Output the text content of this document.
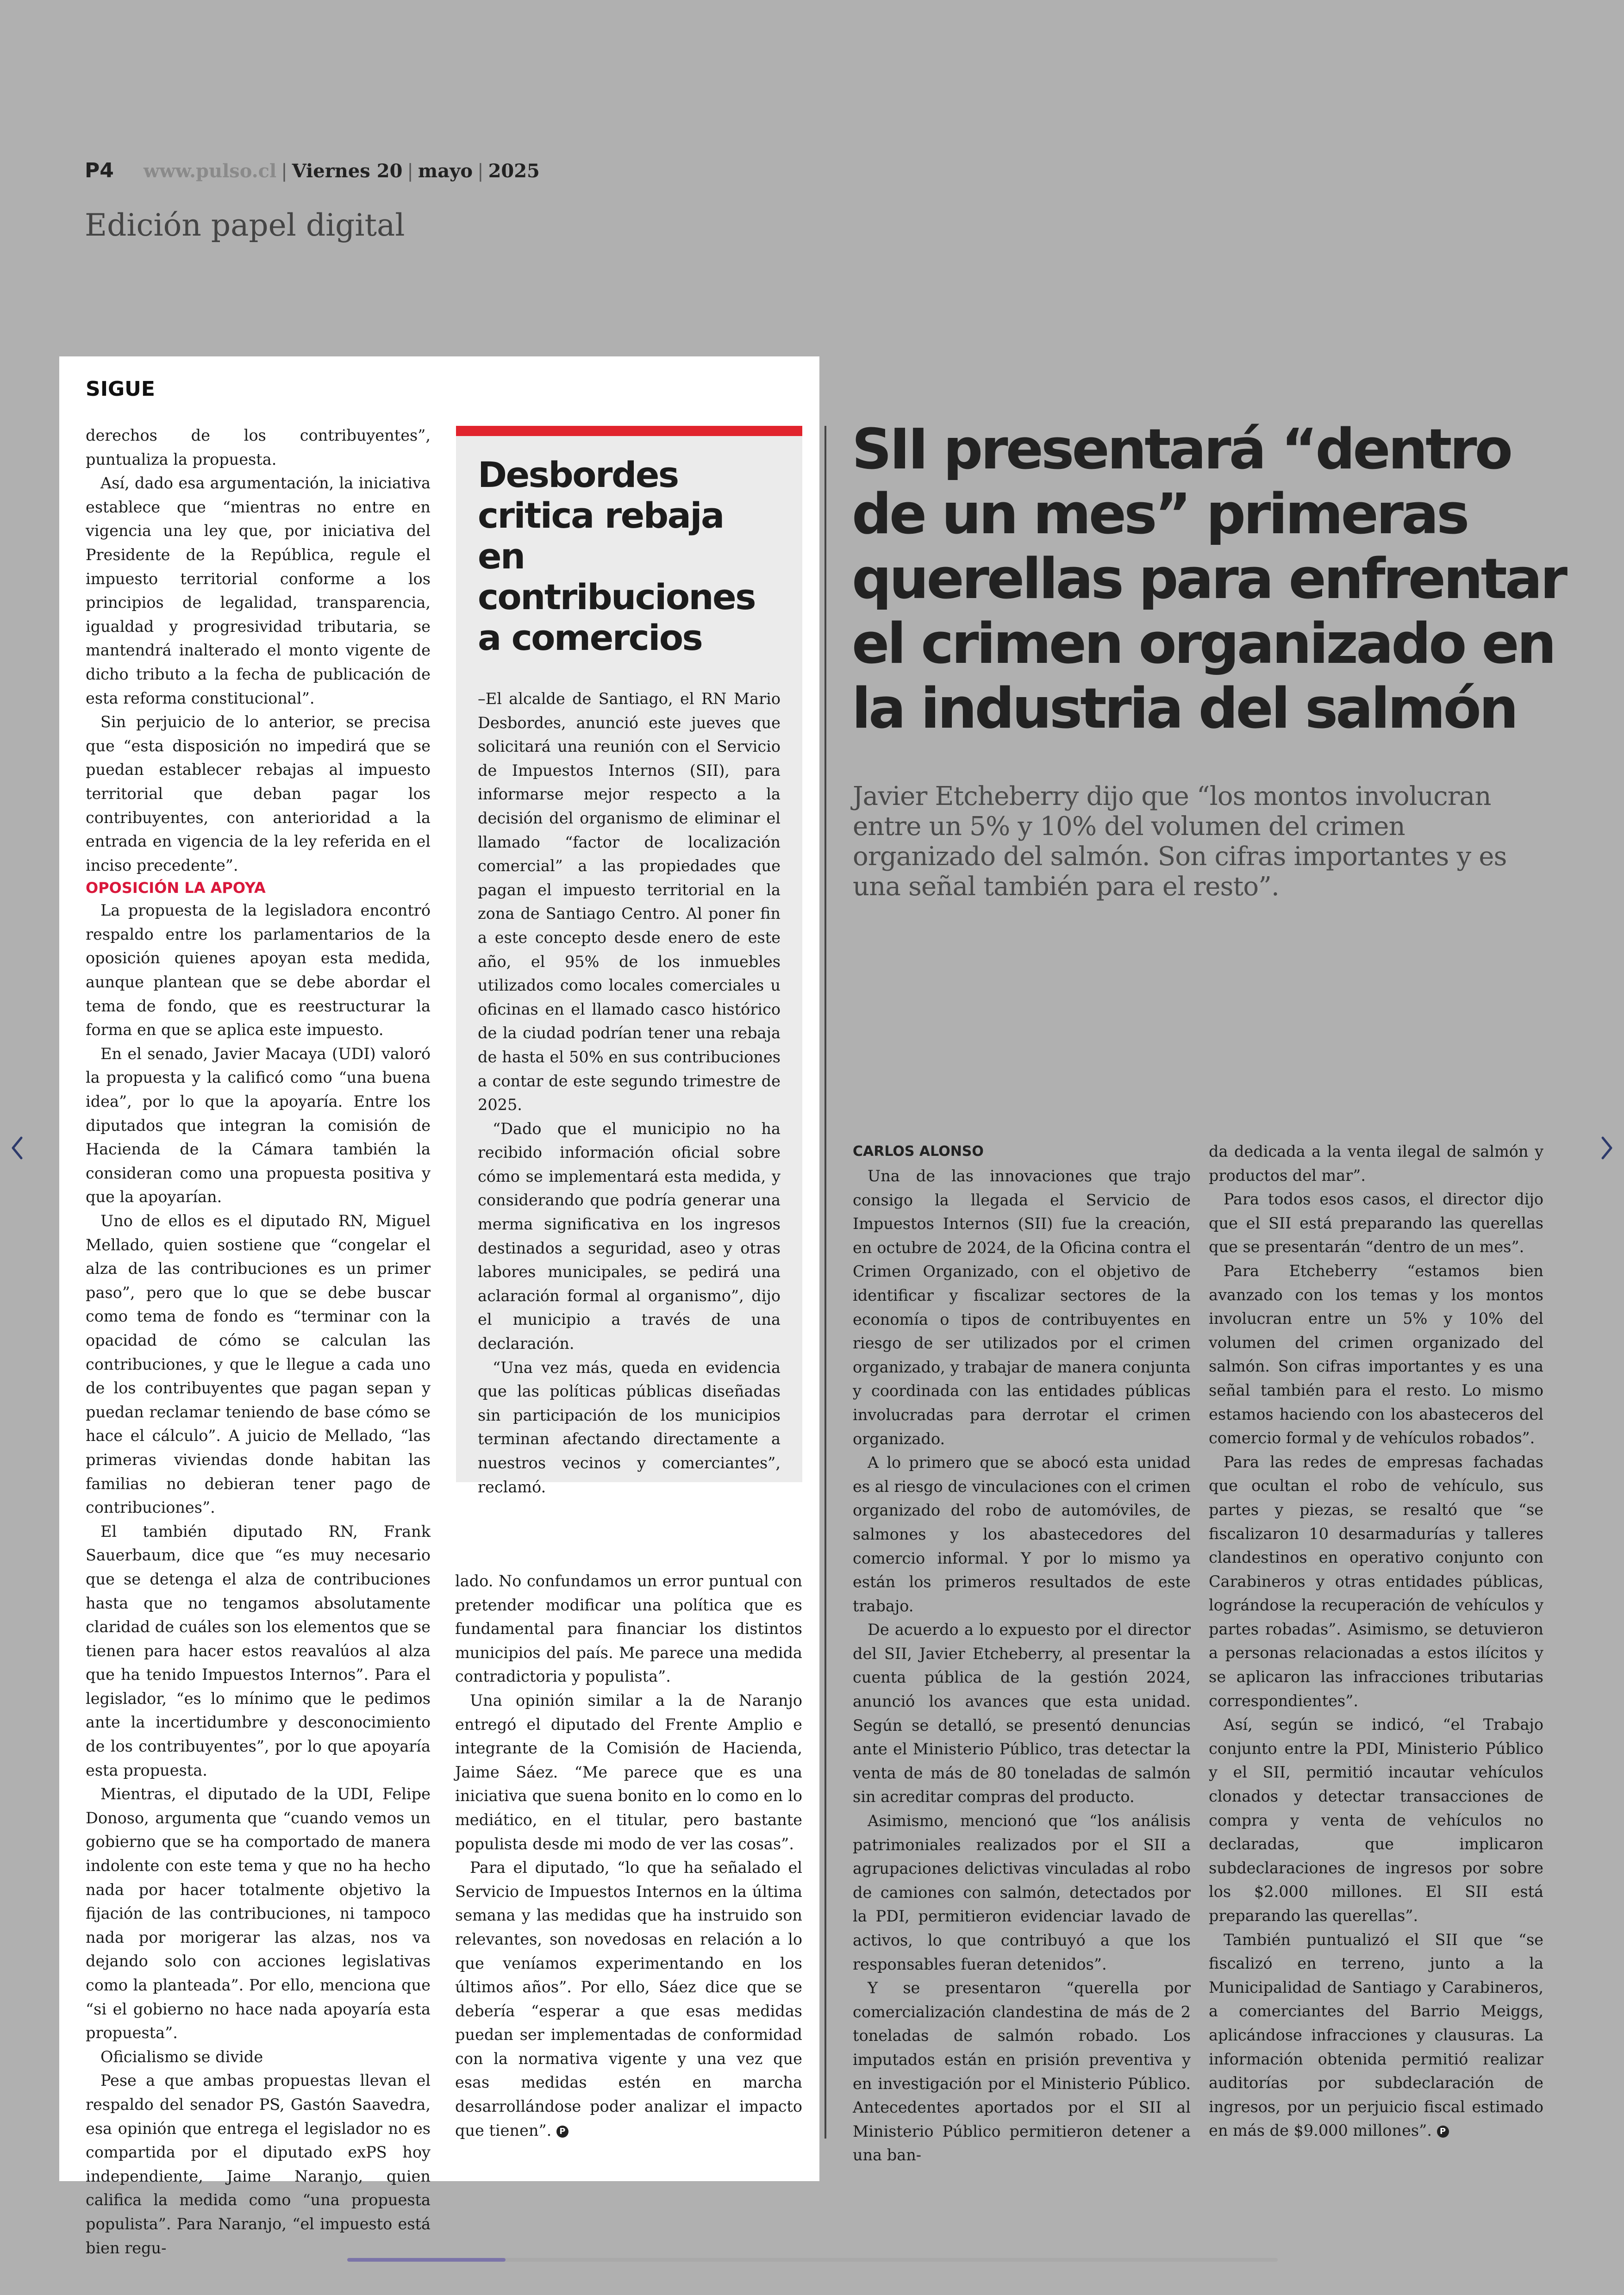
P4 www.pulso.cl | Viernes 20 | mayo | 2025
Edición papel digital
SIGUE

derechos de los contribuyentes”, puntualiza la propuesta.

Así, dado esa argumentación, la iniciativa establece que “mientras no entre en vigencia una ley que, por iniciativa del Presidente de la República, regule el impuesto territorial conforme a los principios de legalidad, transparencia, igualdad y progresividad tributaria, se mantendrá inalterado el monto vigente de dicho tributo a la fecha de publicación de esta reforma constitucional”.

Sin perjuicio de lo anterior, se precisa que “esta disposición no impedirá que se puedan establecer rebajas al impuesto territorial que deban pagar los contribuyentes, con anterioridad a la entrada en vigencia de la ley referida en el inciso precedente”.

OPOSICIÓN LA APOYA

La propuesta de la legisladora encontró respaldo entre los parlamentarios de la oposición quienes apoyan esta medida, aunque plantean que se debe abordar el tema de fondo, que es reestructurar la forma en que se aplica este impuesto.

En el senado, Javier Macaya (UDI) valoró la propuesta y la calificó como “una buena idea”, por lo que la apoyaría. Entre los diputados que integran la comisión de Hacienda de la Cámara también la consideran como una propuesta positiva y que la apoyarían.

Uno de ellos es el diputado RN, Miguel Mellado, quien sostiene que “congelar el alza de las contribuciones es un primer paso”, pero que lo que se debe buscar como tema de fondo es “terminar con la opacidad de cómo se calculan las contribuciones, y que le llegue a cada uno de los contribuyentes que pagan sepan y puedan reclamar teniendo de base cómo se hace el cálculo”. A juicio de Mellado, “las primeras viviendas donde habitan las familias no debieran tener pago de contribuciones”.

El también diputado RN, Frank Sauerbaum, dice que “es muy necesario que se detenga el alza de contribuciones hasta que no tengamos absolutamente claridad de cuáles son los elementos que se tienen para hacer estos reavalúos al alza que ha tenido Impuestos Internos”. Para el legislador, “es lo mínimo que le pedimos ante la incertidumbre y desconocimiento de los contribuyentes”, por lo que apoyaría esta propuesta.

Mientras, el diputado de la UDI, Felipe Donoso, argumenta que “cuando vemos un gobierno que se ha comportado de manera indolente con este tema y que no ha hecho nada por hacer totalmente objetivo la fijación de las contribuciones, ni tampoco nada por morigerar las alzas, nos va dejando solo con acciones legislativas como la planteada”. Por ello, menciona que “si el gobierno no hace nada apoyaría esta propuesta”.

Oficialismo se divide

Pese a que ambas propuestas llevan el respaldo del senador PS, Gastón Saavedra, esa opinión que entrega el legislador no es compartida por el diputado exPS hoy independiente, Jaime Naranjo, quien califica la medida como “una propuesta populista”. Para Naranjo, “el impuesto está bien regu-

Desbordes critica rebaja en contribuciones a comercios

–El alcalde de Santiago, el RN Mario Desbordes, anunció este jueves que solicitará una reunión con el Servicio de Impuestos Internos (SII), para informarse mejor respecto a la decisión del organismo de eliminar el llamado “factor de localización comercial” a las propiedades que pagan el impuesto territorial en la zona de Santiago Centro. Al poner fin a este concepto desde enero de este año, el 95% de los inmuebles utilizados como locales comerciales u oficinas en el llamado casco histórico de la ciudad podrían tener una rebaja de hasta el 50% en sus contribuciones a contar de este segundo trimestre de 2025.

“Dado que el municipio no ha recibido información oficial sobre cómo se implementará esta medida, y considerando que podría generar una merma significativa en los ingresos destinados a seguridad, aseo y otras labores municipales, se pedirá una aclaración formal al organismo”, dijo el municipio a través de una declaración.

“Una vez más, queda en evidencia que las políticas públicas diseñadas sin participación de los municipios terminan afectando directamente a nuestros vecinos y comerciantes”, reclamó.

lado. No confundamos un error puntual con pretender modificar una política que es fundamental para financiar los distintos municipios del país. Me parece una medida contradictoria y populista”.

Una opinión similar a la de Naranjo entregó el diputado del Frente Amplio e integrante de la Comisión de Hacienda, Jaime Sáez. “Me parece que es una iniciativa que suena bonito en lo como en lo mediático, en el titular, pero bastante populista desde mi modo de ver las cosas”.

Para el diputado, “lo que ha señalado el Servicio de Impuestos Internos en la última semana y las medidas que ha instruido son relevantes, son novedosas en relación a lo que veníamos experimentando en los últimos años”. Por ello, Sáez dice que se debería “esperar a que esas medidas puedan ser implementadas de conformidad con la normativa vigente y una vez que esas medidas estén en marcha desarrollándose poder analizar el impacto que tienen”. P

SII presentará “dentro de un mes” primeras querellas para enfrentar el crimen organizado en la industria del salmón

Javier Etcheberry dijo que “los montos involucran entre un 5% y 10% del volumen del crimen organizado del salmón. Son cifras importantes y es una señal también para el resto”.

CARLOS ALONSO

Una de las innovaciones que trajo consigo la llegada el Servicio de Impuestos Internos (SII) fue la creación, en octubre de 2024, de la Oficina contra el Crimen Organizado, con el objetivo de identificar y fiscalizar sectores de la economía o tipos de contribuyentes en riesgo de ser utilizados por el crimen organizado, y trabajar de manera conjunta y coordinada con las entidades públicas involucradas para derrotar el crimen organizado.

A lo primero que se abocó esta unidad es al riesgo de vinculaciones con el crimen organizado del robo de automóviles, de salmones y los abastecedores del comercio informal. Y por lo mismo ya están los primeros resultados de este trabajo.

De acuerdo a lo expuesto por el director del SII, Javier Etcheberry, al presentar la cuenta pública de la gestión 2024, anunció los avances que esta unidad. Según se detalló, se presentó denuncias ante el Ministerio Público, tras detectar la venta de más de 80 toneladas de salmón sin acreditar compras del producto.

Asimismo, mencionó que “los análisis patrimoniales realizados por el SII a agrupaciones delictivas vinculadas al robo de camiones con salmón, detectados por la PDI, permitieron evidenciar lavado de activos, lo que contribuyó a que los responsables fueran detenidos”.

Y se presentaron “querella por comercialización clandestina de más de 2 toneladas de salmón robado. Los imputados están en prisión preventiva y en investigación por el Ministerio Público. Antecedentes aportados por el SII al Ministerio Público permitieron detener a una ban-

da dedicada a la venta ilegal de salmón y productos del mar”.

Para todos esos casos, el director dijo que el SII está preparando las querellas que se presentarán “dentro de un mes”.

Para Etcheberry “estamos bien avanzado con los temas y los montos involucran entre un 5% y 10% del volumen del crimen organizado del salmón. Son cifras importantes y es una señal también para el resto. Lo mismo estamos haciendo con los abasteceros del comercio formal y de vehículos robados”.

Para las redes de empresas fachadas que ocultan el robo de vehículo, sus partes y piezas, se resaltó que “se fiscalizaron 10 desarmadurías y talleres clandestinos en operativo conjunto con Carabineros y otras entidades públicas, lográndose la recuperación de vehículos y partes robadas”. Asimismo, se detuvieron a personas relacionadas a estos ilícitos y se aplicaron las infracciones tributarias correspondientes”.

Así, según se indicó, “el Trabajo conjunto entre la PDI, Ministerio Público y el SII, permitió incautar vehículos clonados y detectar transacciones de compra y venta de vehículos no declaradas, que implicaron subdeclaraciones de ingresos por sobre los $2.000 millones. El SII está preparando las querellas”.

También puntualizó el SII que “se fiscalizó en terreno, junto a la Municipalidad de Santiago y Carabineros, a comerciantes del Barrio Meiggs, aplicándose infracciones y clausuras. La información obtenida permitió realizar auditorías por subdeclaración de ingresos, por un perjuicio fiscal estimado en más de $9.000 millones”. P
